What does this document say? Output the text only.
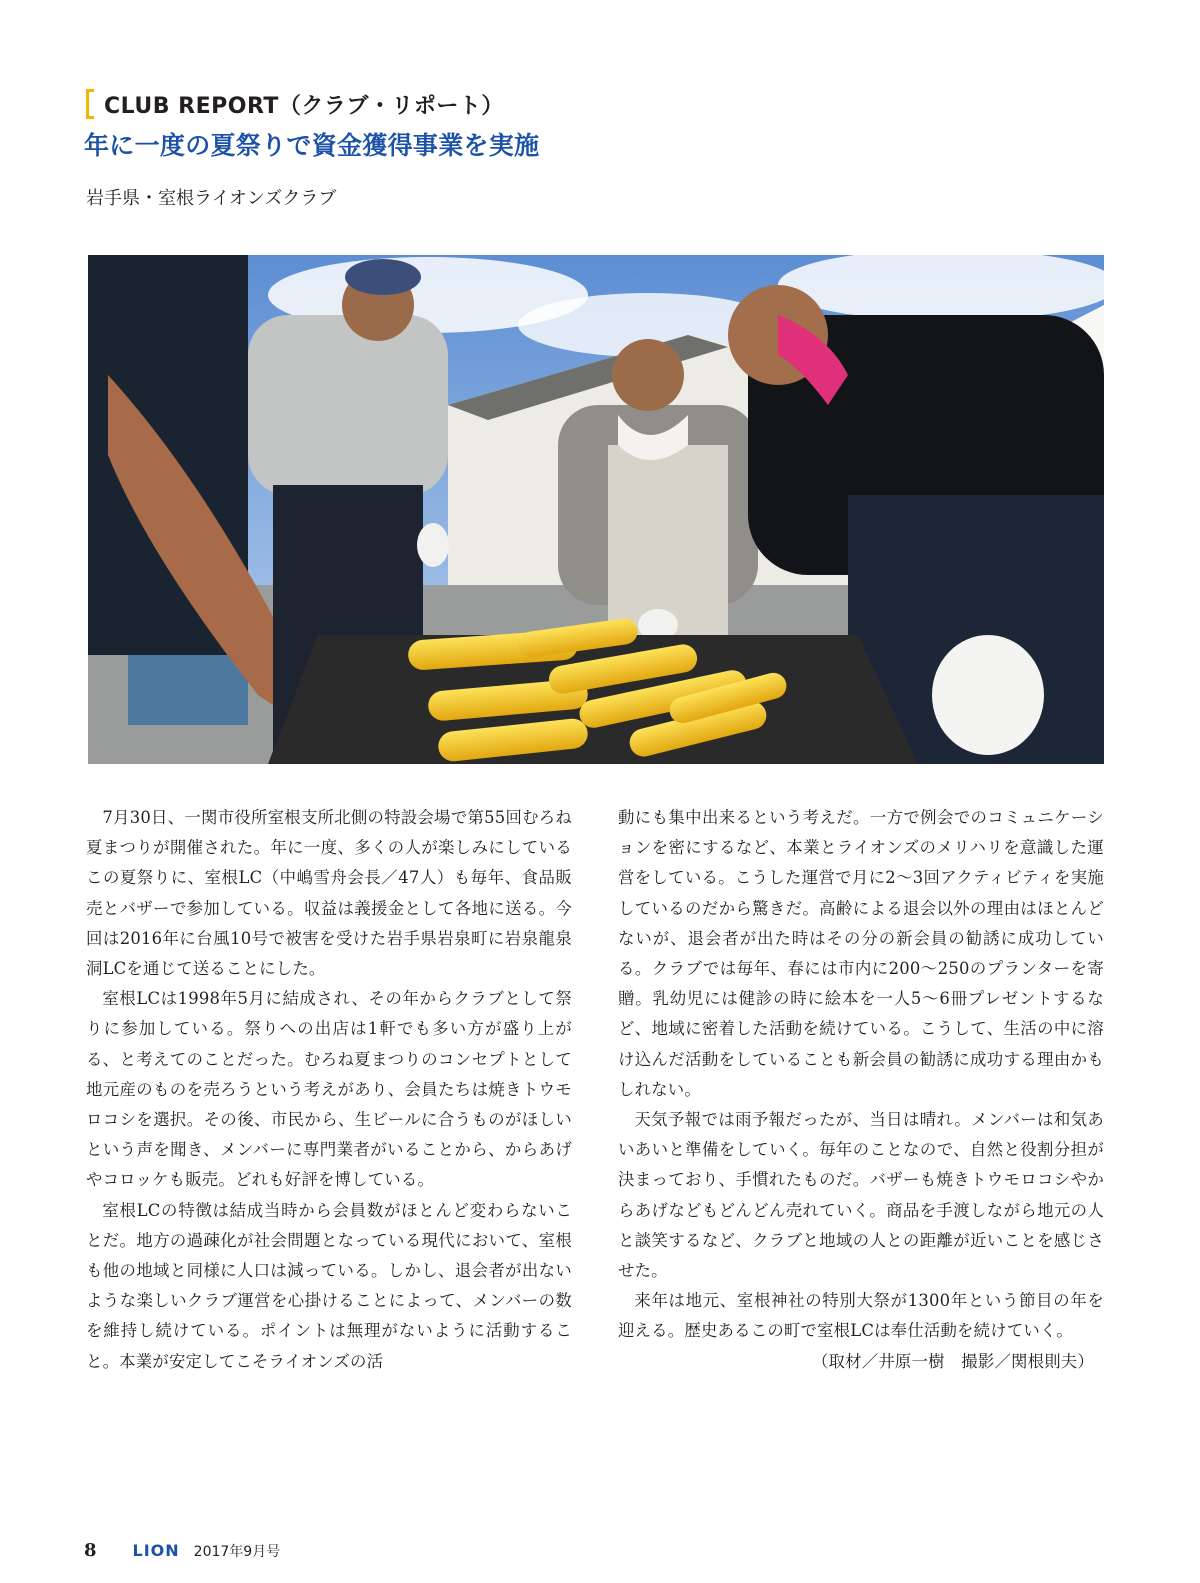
CLUB REPORT（クラブ・リポート）
年に一度の夏祭りで資金獲得事業を実施
岩手県・室根ライオンズクラブ

7月30日、一関市役所室根支所北側の特設会場で第55回むろね夏まつりが開催された。年に一度、多くの人が楽しみにしているこの夏祭りに、室根LC（中嶋雪舟会長／47人）も毎年、食品販売とバザーで参加している。収益は義援金として各地に送る。今回は2016年に台風10号で被害を受けた岩手県岩泉町に岩泉龍泉洞LCを通じて送ることにした。

室根LCは1998年5月に結成され、その年からクラブとして祭りに参加している。祭りへの出店は1軒でも多い方が盛り上がる、と考えてのことだった。むろね夏まつりのコンセプトとして地元産のものを売ろうという考えがあり、会員たちは焼きトウモロコシを選択。その後、市民から、生ビールに合うものがほしいという声を聞き、メンバーに専門業者がいることから、からあげやコロッケも販売。どれも好評を博している。

室根LCの特徴は結成当時から会員数がほとんど変わらないことだ。地方の過疎化が社会問題となっている現代において、室根も他の地域と同様に人口は減っている。しかし、退会者が出ないような楽しいクラブ運営を心掛けることによって、メンバーの数を維持し続けている。ポイントは無理がないように活動すること。本業が安定してこそライオンズの活

動にも集中出来るという考えだ。一方で例会でのコミュニケーションを密にするなど、本業とライオンズのメリハリを意識した運営をしている。こうした運営で月に2～3回アクティビティを実施しているのだから驚きだ。高齢による退会以外の理由はほとんどないが、退会者が出た時はその分の新会員の勧誘に成功している。クラブでは毎年、春には市内に200～250のプランターを寄贈。乳幼児には健診の時に絵本を一人5～6冊プレゼントするなど、地域に密着した活動を続けている。こうして、生活の中に溶け込んだ活動をしていることも新会員の勧誘に成功する理由かもしれない。

天気予報では雨予報だったが、当日は晴れ。メンバーは和気あいあいと準備をしていく。毎年のことなので、自然と役割分担が決まっており、手慣れたものだ。バザーも焼きトウモロコシやからあげなどもどんどん売れていく。商品を手渡しながら地元の人と談笑するなど、クラブと地域の人との距離が近いことを感じさせた。

来年は地元、室根神社の特別大祭が1300年という節目の年を迎える。歴史あるこの町で室根LCは奉仕活動を続けていく。

（取材／井原一樹　撮影／関根則夫）
8 LION 2017年9月号
